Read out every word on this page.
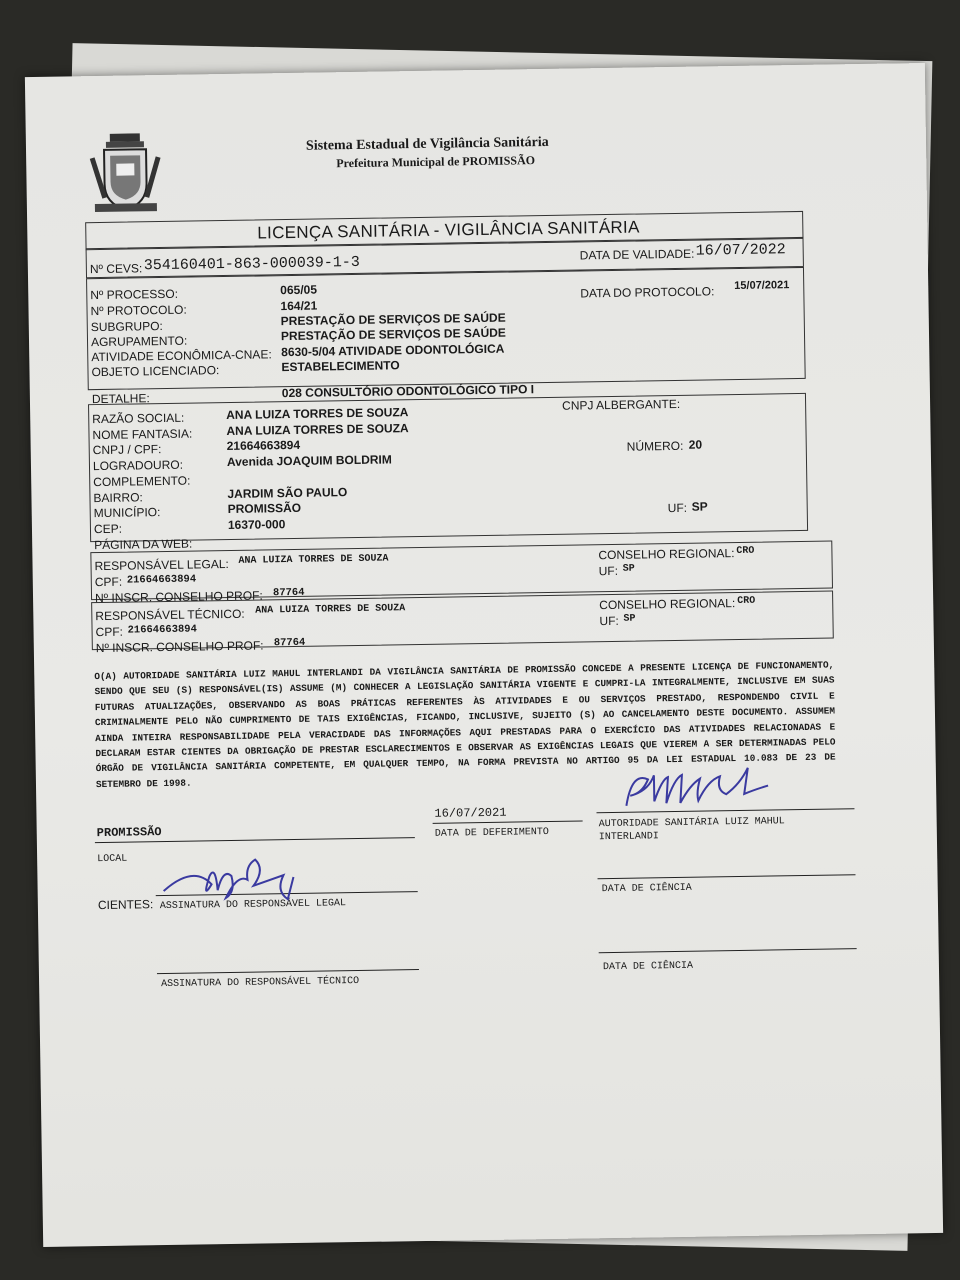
Sistema Estadual de Vigilância Sanitária
Prefeitura Municipal de PROMISSÃO
LICENÇA SANITÁRIA - VIGILÂNCIA SANITÁRIA
Nº CEVS: 354160401-863-000039-1-3	DATA DE VALIDADE: 16/07/2022
Nº PROCESSO:	065/05
Nº PROTOCOLO:	164/21
SUBGRUPO:	PRESTAÇÃO DE SERVIÇOS DE SAÚDE
AGRUPAMENTO:	PRESTAÇÃO DE SERVIÇOS DE SAÚDE
ATIVIDADE ECONÔMICA-CNAE: 8630-5/04 ATIVIDADE ODONTOLÓGICA
OBJETO LICENCIADO:	ESTABELECIMENTO
DATA DO PROTOCOLO: 15/07/2021
DETALHE:	028 CONSULTÓRIO ODONTOLÓGICO TIPO I
RAZÃO SOCIAL:	ANA LUIZA TORRES DE SOUZA
NOME FANTASIA:	ANA LUIZA TORRES DE SOUZA
CNPJ / CPF:	21664663894
LOGRADOURO:	Avenida JOAQUIM BOLDRIM
COMPLEMENTO:
BAIRRO:	JARDIM SÃO PAULO
MUNICÍPIO:	PROMISSÃO
CEP:	16370-000
CNPJ ALBERGANTE:
NÚMERO: 20
UF: SP
PÁGINA DA WEB:
RESPONSÁVEL LEGAL: ANA LUIZA TORRES DE SOUZA
CPF: 21664663894
Nº INSCR. CONSELHO PROF: 87764
CONSELHO REGIONAL: CRO
UF: SP
RESPONSÁVEL TÉCNICO: ANA LUIZA TORRES DE SOUZA
CPF: 21664663894
Nº INSCR. CONSELHO PROF: 87764
CONSELHO REGIONAL: CRO
UF: SP
O(A) AUTORIDADE SANITÁRIA LUIZ MAHUL INTERLANDI DA VIGILÂNCIA SANITÁRIA DE PROMISSÃO CONCEDE A PRESENTE LICENÇA DE FUNCIONAMENTO, SENDO QUE SEU (S) RESPONSÁVEL(IS) ASSUME (M) CONHECER A LEGISLAÇÃO SANITÁRIA VIGENTE E CUMPRI-LA INTEGRALMENTE, INCLUSIVE EM SUAS FUTURAS ATUALIZAÇÕES, OBSERVANDO AS BOAS PRÁTICAS REFERENTES ÀS ATIVIDADES E OU SERVIÇOS PRESTADO, RESPONDENDO CIVIL E CRIMINALMENTE PELO NÃO CUMPRIMENTO DE TAIS EXIGÊNCIAS, FICANDO, INCLUSIVE, SUJEITO (S) AO CANCELAMENTO DESTE DOCUMENTO. ASSUMEM AINDA INTEIRA RESPONSABILIDADE PELA VERACIDADE DAS INFORMAÇÕES AQUI PRESTADAS PARA O EXERCÍCIO DAS ATIVIDADES RELACIONADAS E DECLARAM ESTAR CIENTES DA OBRIGAÇÃO DE PRESTAR ESCLARECIMENTOS E OBSERVAR AS EXIGÊNCIAS LEGAIS QUE VIEREM A SER DETERMINADAS PELO ÓRGÃO DE VIGILÂNCIA SANITÁRIA COMPETENTE, EM QUALQUER TEMPO, NA FORMA PREVISTA NO ARTIGO 95 DA LEI ESTADUAL 10.083 DE 23 DE SETEMBRO DE 1998.
PROMISSÃO
LOCAL
16/07/2021
DATA DE DEFERIMENTO
AUTORIDADE SANITÁRIA LUIZ MAHUL INTERLANDI
CIENTES: ASSINATURA DO RESPONSÁVEL LEGAL
ASSINATURA DO RESPONSÁVEL TÉCNICO
DATA DE CIÊNCIA
DATA DE CIÊNCIA
